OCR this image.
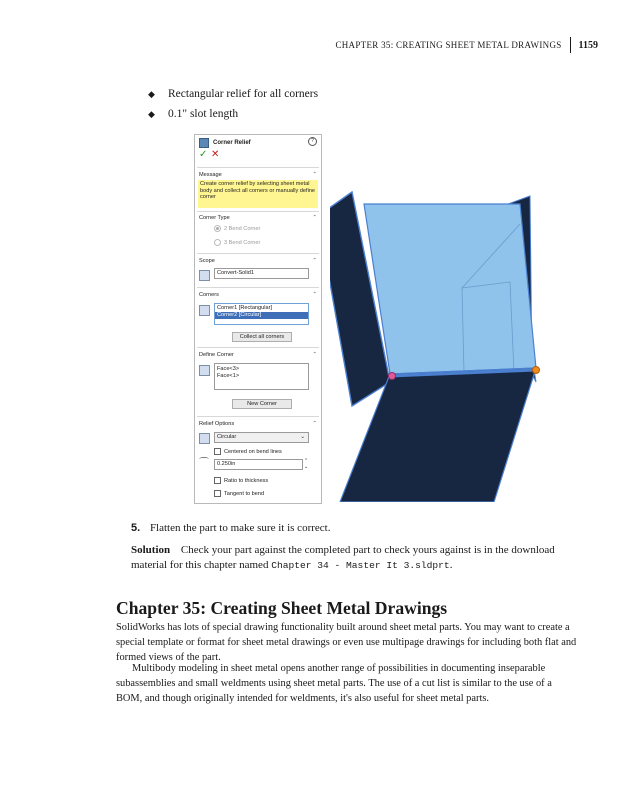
CHAPTER 35: CREATING SHEET METAL DRAWINGS 1159
◆	Rectangular relief for all corners
◆	0.1" slot length
Corner Relief	?
✓ ✕
Message	⌃
Create corner relief by selecting sheet metal body and collect all corners or manually define corner
Corner Type	⌃
2 Bend Corner
3 Bend Corner
Scope	⌃
Convert-Solid1
Corners	⌃
Corner1 [Rectangular]
Corner2 [Circular]
Collect all corners
Define Corner	⌃
Face<3>
Face<1>
New Corner
Relief Options	⌃
Circular	⌄
Centered on bend lines
⌒	0.250in	⌃
⌄
Ratio to thickness
Tangent to bend
5. Flatten the part to make sure it is correct.
Solution Check your part against the completed part to check yours against is in the download material for this chapter named Chapter 34 - Master It 3.sldprt.
Chapter 35: Creating Sheet Metal Drawings

SolidWorks has lots of special drawing functionality built around sheet metal parts. You may want to create a special template or format for sheet metal drawings or even use multipage drawings for including both flat and formed views of the part.

Multibody modeling in sheet metal opens another range of possibilities in documenting inseparable subassemblies and small weldments using sheet metal parts. The use of a cut list is similar to the use of a BOM, and though originally intended for weldments, it's also useful for sheet metal parts.
